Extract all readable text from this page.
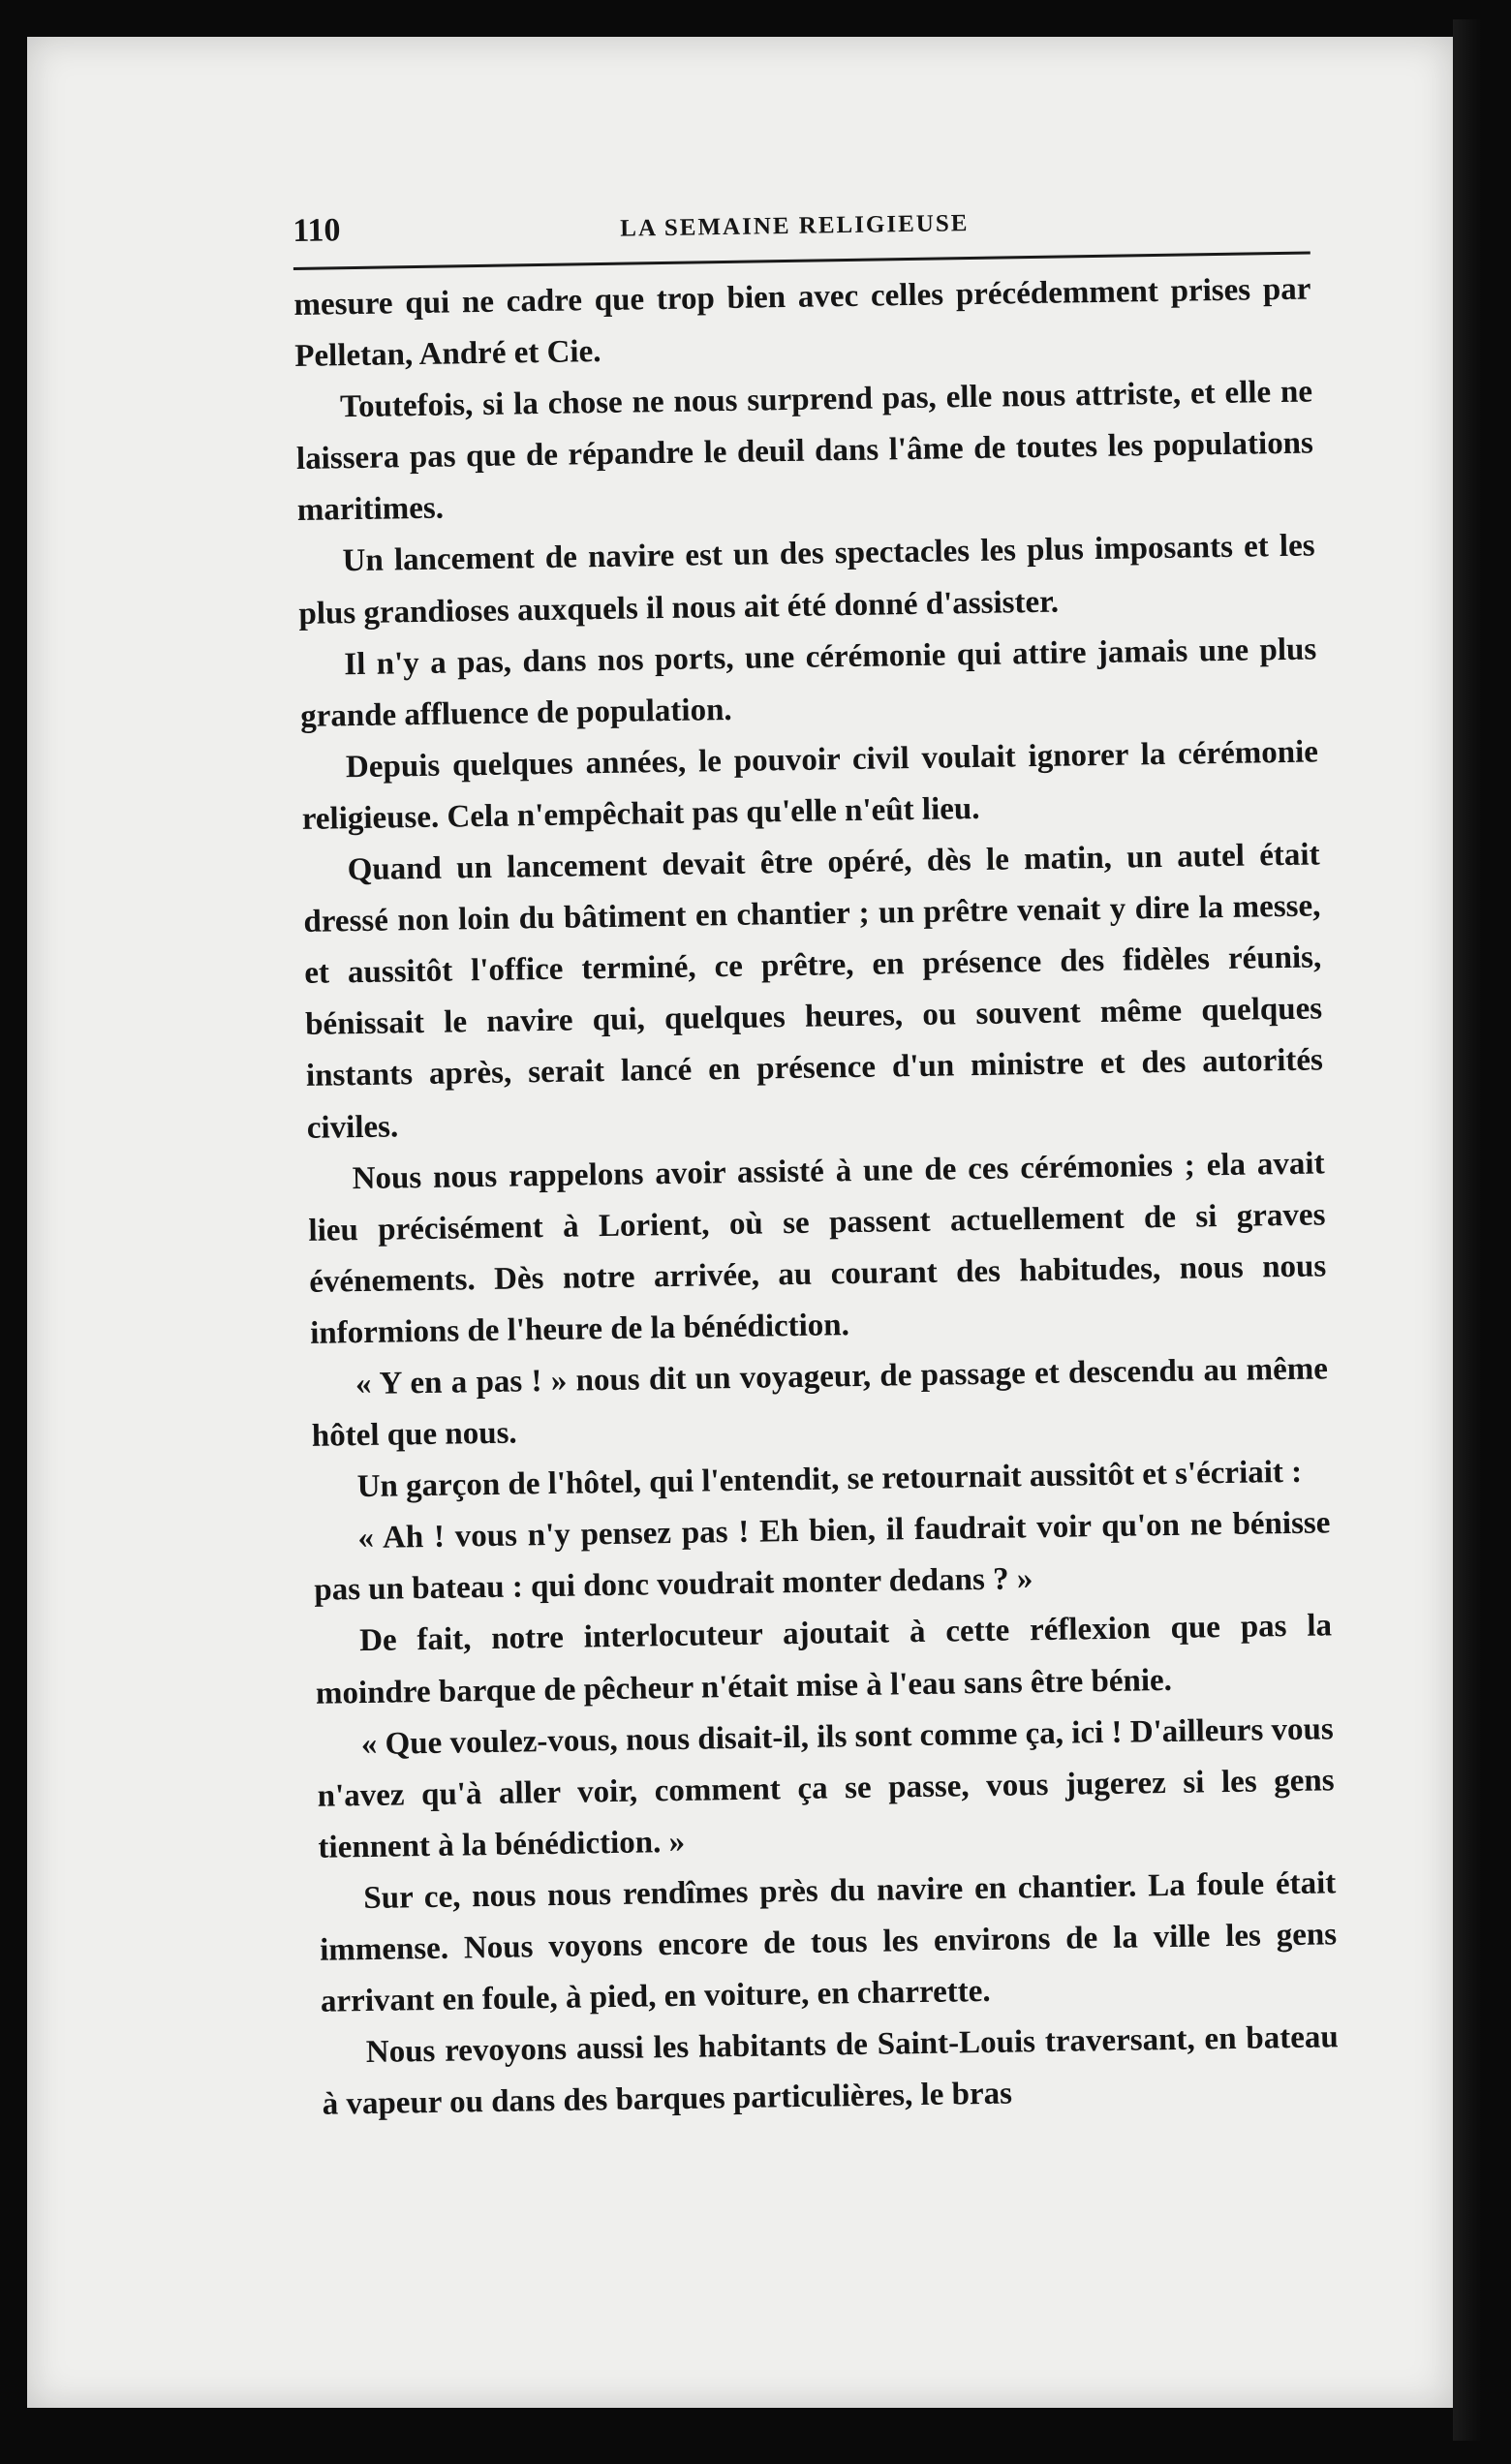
110	LA SEMAINE RELIGIEUSE

mesure qui ne cadre que trop bien avec celles précédemment prises par Pelletan, André et Cie.

Toutefois, si la chose ne nous surprend pas, elle nous attriste, et elle ne laissera pas que de répandre le deuil dans l'âme de toutes les populations maritimes.

Un lancement de navire est un des spectacles les plus imposants et les plus grandioses auxquels il nous ait été donné d'assister.

Il n'y a pas, dans nos ports, une cérémonie qui attire jamais une plus grande affluence de population.

Depuis quelques années, le pouvoir civil voulait ignorer la cérémonie religieuse. Cela n'empêchait pas qu'elle n'eût lieu.

Quand un lancement devait être opéré, dès le matin, un autel était dressé non loin du bâtiment en chantier ; un prêtre venait y dire la messe, et aussitôt l'office terminé, ce prêtre, en présence des fidèles réunis, bénissait le navire qui, quelques heures, ou souvent même quelques instants après, serait lancé en présence d'un ministre et des autorités civiles.

Nous nous rappelons avoir assisté à une de ces cérémonies ; ela avait lieu précisément à Lorient, où se passent actuellement de si graves événements. Dès notre arrivée, au courant des habitudes, nous nous informions de l'heure de la bénédiction.

« Y en a pas ! » nous dit un voyageur, de passage et descendu au même hôtel que nous.

Un garçon de l'hôtel, qui l'entendit, se retournait aussitôt et s'écriait :

« Ah ! vous n'y pensez pas ! Eh bien, il faudrait voir qu'on ne bénisse pas un bateau : qui donc voudrait monter dedans ? »

De fait, notre interlocuteur ajoutait à cette réflexion que pas la moindre barque de pêcheur n'était mise à l'eau sans être bénie.

« Que voulez-vous, nous disait-il, ils sont comme ça, ici ! D'ailleurs vous n'avez qu'à aller voir, comment ça se passe, vous jugerez si les gens tiennent à la bénédiction. »

Sur ce, nous nous rendîmes près du navire en chantier. La foule était immense. Nous voyons encore de tous les environs de la ville les gens arrivant en foule, à pied, en voiture, en charrette.

Nous revoyons aussi les habitants de Saint-Louis traversant, en bateau à vapeur ou dans des barques particulières, le bras
